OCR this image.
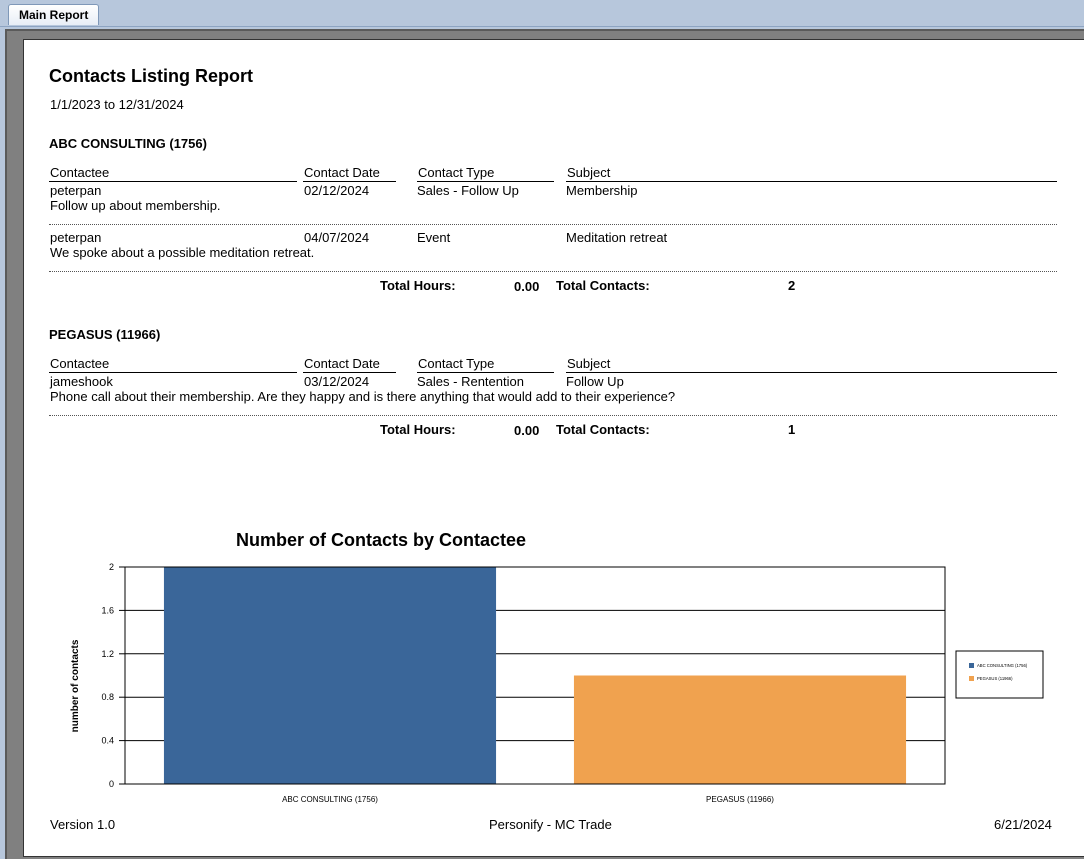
Main Report
Contacts Listing Report
1/1/2023 to 12/31/2024
ABC CONSULTING (1756)
Contactee	Contact Date	Contact Type	Subject
peterpan	02/12/2024	Sales - Follow Up	Membership
Follow up about membership.
peterpan	04/07/2024	Event	Meditation retreat
We spoke about a possible meditation retreat.
Total Hours:	0.00 Total Contacts:	2
PEGASUS (11966)
Contactee	Contact Date	Contact Type	Subject
jameshook	03/12/2024	Sales - Rentention	Follow Up
Phone call about their membership. Are they happy and is there anything that would add to their experience?
Total Hours:	0.00 Total Contacts:	1
Number of Contacts by Contactee
number of contacts
0
0.4
0.8
1.2
1.6
2
ABC CONSULTING (1756)	PEGASUS (11966)
ABC CONSULTING (1756)
PEGASUS (11966)
Version 1.0	Personify - MC Trade	6/21/2024
